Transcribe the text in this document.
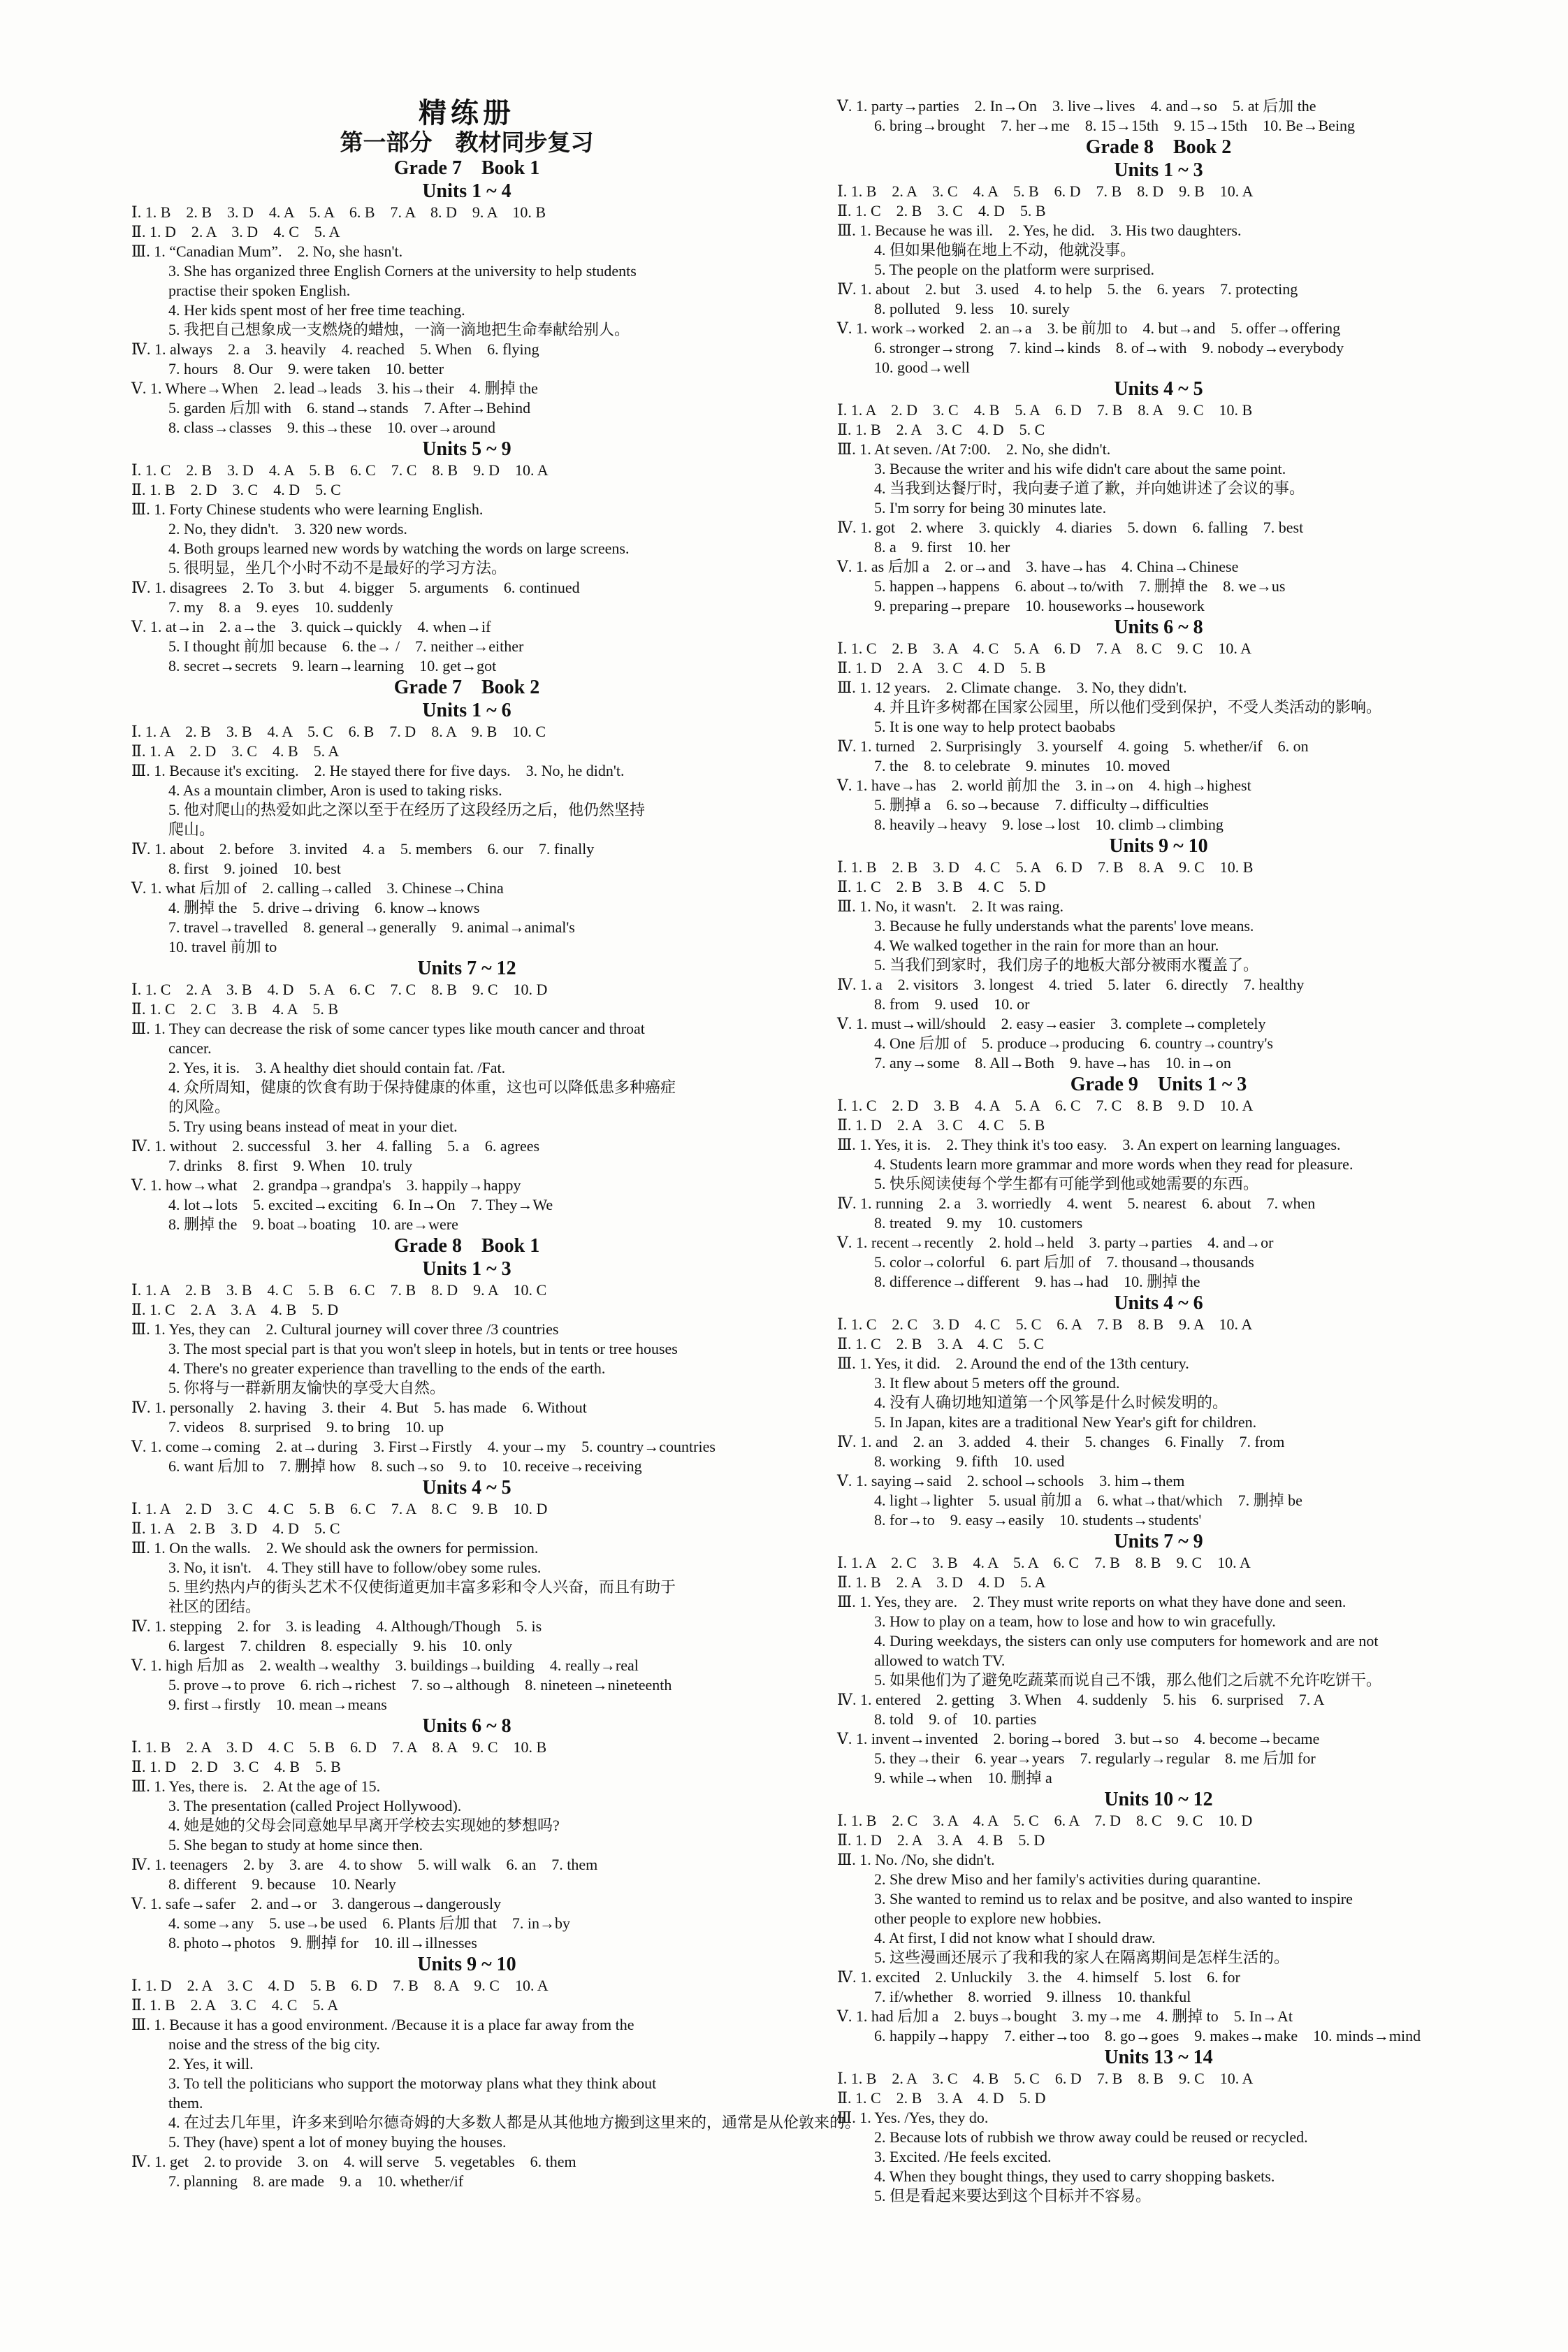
精练册
第一部分　教材同步复习
Grade 7　Book 1
Units 1 ~ 4
Ⅰ. 1. B　2. B　3. D　4. A　5. A　6. B　7. A　8. D　9. A　10. B
Ⅱ. 1. D　2. A　3. D　4. C　5. A
Ⅲ. 1. “Canadian Mum”.　2. No, she hasn't.
3. She has organized three English Corners at the university to help students
practise their spoken English.
4. Her kids spent most of her free time teaching.
5. 我把自己想象成一支燃烧的蜡烛，一滴一滴地把生命奉献给别人。
Ⅳ. 1. always　2. a　3. heavily　4. reached　5. When　6. flying
7. hours　8. Our　9. were taken　10. better
Ⅴ. 1. Where→When　2. lead→leads　3. his→their　4. 删掉 the
5. garden 后加 with　6. stand→stands　7. After→Behind
8. class→classes　9. this→these　10. over→around
Units 5 ~ 9
Ⅰ. 1. C　2. B　3. D　4. A　5. B　6. C　7. C　8. B　9. D　10. A
Ⅱ. 1. B　2. D　3. C　4. D　5. C
Ⅲ. 1. Forty Chinese students who were learning English.
2. No, they didn't.　3. 320 new words.
4. Both groups learned new words by watching the words on large screens.
5. 很明显，坐几个小时不动不是最好的学习方法。
Ⅳ. 1. disagrees　2. To　3. but　4. bigger　5. arguments　6. continued
7. my　8. a　9. eyes　10. suddenly
Ⅴ. 1. at→in　2. a→the　3. quick→quickly　4. when→if
5. I thought 前加 because　6. the→ /　7. neither→either
8. secret→secrets　9. learn→learning　10. get→got
Grade 7　Book 2
Units 1 ~ 6
Ⅰ. 1. A　2. B　3. B　4. A　5. C　6. B　7. D　8. A　9. B　10. C
Ⅱ. 1. A　2. D　3. C　4. B　5. A
Ⅲ. 1. Because it's exciting.　2. He stayed there for five days.　3. No, he didn't.
4. As a mountain climber, Aron is used to taking risks.
5. 他对爬山的热爱如此之深以至于在经历了这段经历之后，他仍然坚持
爬山。
Ⅳ. 1. about　2. before　3. invited　4. a　5. members　6. our　7. finally
8. first　9. joined　10. best
Ⅴ. 1. what 后加 of　2. calling→called　3. Chinese→China
4. 删掉 the　5. drive→driving　6. know→knows
7. travel→travelled　8. general→generally　9. animal→animal's
10. travel 前加 to
Units 7 ~ 12
Ⅰ. 1. C　2. A　3. B　4. D　5. A　6. C　7. C　8. B　9. C　10. D
Ⅱ. 1. C　2. C　3. B　4. A　5. B
Ⅲ. 1. They can decrease the risk of some cancer types like mouth cancer and throat
cancer.
2. Yes, it is.　3. A healthy diet should contain fat. /Fat.
4. 众所周知，健康的饮食有助于保持健康的体重，这也可以降低患多种癌症
的风险。
5. Try using beans instead of meat in your diet.
Ⅳ. 1. without　2. successful　3. her　4. falling　5. a　6. agrees
7. drinks　8. first　9. When　10. truly
Ⅴ. 1. how→what　2. grandpa→grandpa's　3. happily→happy
4. lot→lots　5. excited→exciting　6. In→On　7. They→We
8. 删掉 the　9. boat→boating　10. are→were
Grade 8　Book 1
Units 1 ~ 3
Ⅰ. 1. A　2. B　3. B　4. C　5. B　6. C　7. B　8. D　9. A　10. C
Ⅱ. 1. C　2. A　3. A　4. B　5. D
Ⅲ. 1. Yes, they can　2. Cultural journey will cover three /3 countries
3. The most special part is that you won't sleep in hotels, but in tents or tree houses
4. There's no greater experience than travelling to the ends of the earth.
5. 你将与一群新朋友愉快的享受大自然。
Ⅳ. 1. personally　2. having　3. their　4. But　5. has made　6. Without
7. videos　8. surprised　9. to bring　10. up
Ⅴ. 1. come→coming　2. at→during　3. First→Firstly　4. your→my　5. country→countries
6. want 后加 to　7. 删掉 how　8. such→so　9. to　10. receive→receiving
Units 4 ~ 5
Ⅰ. 1. A　2. D　3. C　4. C　5. B　6. C　7. A　8. C　9. B　10. D
Ⅱ. 1. A　2. B　3. D　4. D　5. C
Ⅲ. 1. On the walls.　2. We should ask the owners for permission.
3. No, it isn't.　4. They still have to follow/obey some rules.
5. 里约热内卢的街头艺术不仅使街道更加丰富多彩和令人兴奋，而且有助于
社区的团结。
Ⅳ. 1. stepping　2. for　3. is leading　4. Although/Though　5. is
6. largest　7. children　8. especially　9. his　10. only
Ⅴ. 1. high 后加 as　2. wealth→wealthy　3. buildings→building　4. really→real
5. prove→to prove　6. rich→richest　7. so→although　8. nineteen→nineteenth
9. first→firstly　10. mean→means
Units 6 ~ 8
Ⅰ. 1. B　2. A　3. D　4. C　5. B　6. D　7. A　8. A　9. C　10. B
Ⅱ. 1. D　2. D　3. C　4. B　5. B
Ⅲ. 1. Yes, there is.　2. At the age of 15.
3. The presentation (called Project Hollywood).
4. 她是她的父母会同意她早早离开学校去实现她的梦想吗?
5. She began to study at home since then.
Ⅳ. 1. teenagers　2. by　3. are　4. to show　5. will walk　6. an　7. them
8. different　9. because　10. Nearly
Ⅴ. 1. safe→safer　2. and→or　3. dangerous→dangerously
4. some→any　5. use→be used　6. Plants 后加 that　7. in→by
8. photo→photos　9. 删掉 for　10. ill→illnesses
Units 9 ~ 10
Ⅰ. 1. D　2. A　3. C　4. D　5. B　6. D　7. B　8. A　9. C　10. A
Ⅱ. 1. B　2. A　3. C　4. C　5. A
Ⅲ. 1. Because it has a good environment. /Because it is a place far away from the
noise and the stress of the big city.
2. Yes, it will.
3. To tell the politicians who support the motorway plans what they think about
them.
4. 在过去几年里，许多来到哈尔德奇姆的大多数人都是从其他地方搬到这里来的，通常是从伦敦来的。
5. They (have) spent a lot of money buying the houses.
Ⅳ. 1. get　2. to provide　3. on　4. will serve　5. vegetables　6. them
7. planning　8. are made　9. a　10. whether/if
Ⅴ. 1. party→parties　2. In→On　3. live→lives　4. and→so　5. at 后加 the
6. bring→brought　7. her→me　8. 15→15th　9. 15→15th　10. Be→Being
Grade 8　Book 2
Units 1 ~ 3
Ⅰ. 1. B　2. A　3. C　4. A　5. B　6. D　7. B　8. D　9. B　10. A
Ⅱ. 1. C　2. B　3. C　4. D　5. B
Ⅲ. 1. Because he was ill.　2. Yes, he did.　3. His two daughters.
4. 但如果他躺在地上不动，他就没事。
5. The people on the platform were surprised.
Ⅳ. 1. about　2. but　3. used　4. to help　5. the　6. years　7. protecting
8. polluted　9. less　10. surely
Ⅴ. 1. work→worked　2. an→a　3. be 前加 to　4. but→and　5. offer→offering
6. stronger→strong　7. kind→kinds　8. of→with　9. nobody→everybody
10. good→well
Units 4 ~ 5
Ⅰ. 1. A　2. D　3. C　4. B　5. A　6. D　7. B　8. A　9. C　10. B
Ⅱ. 1. B　2. A　3. C　4. D　5. C
Ⅲ. 1. At seven. /At 7:00.　2. No, she didn't.
3. Because the writer and his wife didn't care about the same point.
4. 当我到达餐厅时，我向妻子道了歉，并向她讲述了会议的事。
5. I'm sorry for being 30 minutes late.
Ⅳ. 1. got　2. where　3. quickly　4. diaries　5. down　6. falling　7. best
8. a　9. first　10. her
Ⅴ. 1. as 后加 a　2. or→and　3. have→has　4. China→Chinese
5. happen→happens　6. about→to/with　7. 删掉 the　8. we→us
9. preparing→prepare　10. houseworks→housework
Units 6 ~ 8
Ⅰ. 1. C　2. B　3. A　4. C　5. A　6. D　7. A　8. C　9. C　10. A
Ⅱ. 1. D　2. A　3. C　4. D　5. B
Ⅲ. 1. 12 years.　2. Climate change.　3. No, they didn't.
4. 并且许多树都在国家公园里，所以他们受到保护，不受人类活动的影响。
5. It is one way to help protect baobabs
Ⅳ. 1. turned　2. Surprisingly　3. yourself　4. going　5. whether/if　6. on
7. the　8. to celebrate　9. minutes　10. moved
Ⅴ. 1. have→has　2. world 前加 the　3. in→on　4. high→highest
5. 删掉 a　6. so→because　7. difficulty→difficulties
8. heavily→heavy　9. lose→lost　10. climb→climbing
Units 9 ~ 10
Ⅰ. 1. B　2. B　3. D　4. C　5. A　6. D　7. B　8. A　9. C　10. B
Ⅱ. 1. C　2. B　3. B　4. C　5. D
Ⅲ. 1. No, it wasn't.　2. It was raing.
3. Because he fully understands what the parents' love means.
4. We walked together in the rain for more than an hour.
5. 当我们到家时，我们房子的地板大部分被雨水覆盖了。
Ⅳ. 1. a　2. visitors　3. longest　4. tried　5. later　6. directly　7. healthy
8. from　9. used　10. or
Ⅴ. 1. must→will/should　2. easy→easier　3. complete→completely
4. One 后加 of　5. produce→producing　6. country→country's
7. any→some　8. All→Both　9. have→has　10. in→on
Grade 9　Units 1 ~ 3
Ⅰ. 1. C　2. D　3. B　4. A　5. A　6. C　7. C　8. B　9. D　10. A
Ⅱ. 1. D　2. A　3. C　4. C　5. B
Ⅲ. 1. Yes, it is.　2. They think it's too easy.　3. An expert on learning languages.
4. Students learn more grammar and more words when they read for pleasure.
5. 快乐阅读使每个学生都有可能学到他或她需要的东西。
Ⅳ. 1. running　2. a　3. worriedly　4. went　5. nearest　6. about　7. when
8. treated　9. my　10. customers
Ⅴ. 1. recent→recently　2. hold→held　3. party→parties　4. and→or
5. color→colorful　6. part 后加 of　7. thousand→thousands
8. difference→different　9. has→had　10. 删掉 the
Units 4 ~ 6
Ⅰ. 1. C　2. C　3. D　4. C　5. C　6. A　7. B　8. B　9. A　10. A
Ⅱ. 1. C　2. B　3. A　4. C　5. C
Ⅲ. 1. Yes, it did.　2. Around the end of the 13th century.
3. It flew about 5 meters off the ground.
4. 没有人确切地知道第一个风筝是什么时候发明的。
5. In Japan, kites are a traditional New Year's gift for children.
Ⅳ. 1. and　2. an　3. added　4. their　5. changes　6. Finally　7. from
8. working　9. fifth　10. used
Ⅴ. 1. saying→said　2. school→schools　3. him→them
4. light→lighter　5. usual 前加 a　6. what→that/which　7. 删掉 be
8. for→to　9. easy→easily　10. students→students'
Units 7 ~ 9
Ⅰ. 1. A　2. C　3. B　4. A　5. A　6. C　7. B　8. B　9. C　10. A
Ⅱ. 1. B　2. A　3. D　4. D　5. A
Ⅲ. 1. Yes, they are.　2. They must write reports on what they have done and seen.
3. How to play on a team, how to lose and how to win gracefully.
4. During weekdays, the sisters can only use computers for homework and are not
allowed to watch TV.
5. 如果他们为了避免吃蔬菜而说自己不饿，那么他们之后就不允许吃饼干。
Ⅳ. 1. entered　2. getting　3. When　4. suddenly　5. his　6. surprised　7. A
8. told　9. of　10. parties
Ⅴ. 1. invent→invented　2. boring→bored　3. but→so　4. become→became
5. they→their　6. year→years　7. regularly→regular　8. me 后加 for
9. while→when　10. 删掉 a
Units 10 ~ 12
Ⅰ. 1. B　2. C　3. A　4. A　5. C　6. A　7. D　8. C　9. C　10. D
Ⅱ. 1. D　2. A　3. A　4. B　5. D
Ⅲ. 1. No. /No, she didn't.
2. She drew Miso and her family's activities during quarantine.
3. She wanted to remind us to relax and be positve, and also wanted to inspire
other people to explore new hobbies.
4. At first, I did not know what I should draw.
5. 这些漫画还展示了我和我的家人在隔离期间是怎样生活的。
Ⅳ. 1. excited　2. Unluckily　3. the　4. himself　5. lost　6. for
7. if/whether　8. worried　9. illness　10. thankful
Ⅴ. 1. had 后加 a　2. buys→bought　3. my→me　4. 删掉 to　5. In→At
6. happily→happy　7. either→too　8. go→goes　9. makes→make　10. minds→mind
Units 13 ~ 14
Ⅰ. 1. B　2. A　3. C　4. B　5. C　6. D　7. B　8. B　9. C　10. A
Ⅱ. 1. C　2. B　3. A　4. D　5. D
Ⅲ. 1. Yes. /Yes, they do.
2. Because lots of rubbish we throw away could be reused or recycled.
3. Excited. /He feels excited.
4. When they bought things, they used to carry shopping baskets.
5. 但是看起来要达到这个目标并不容易。
